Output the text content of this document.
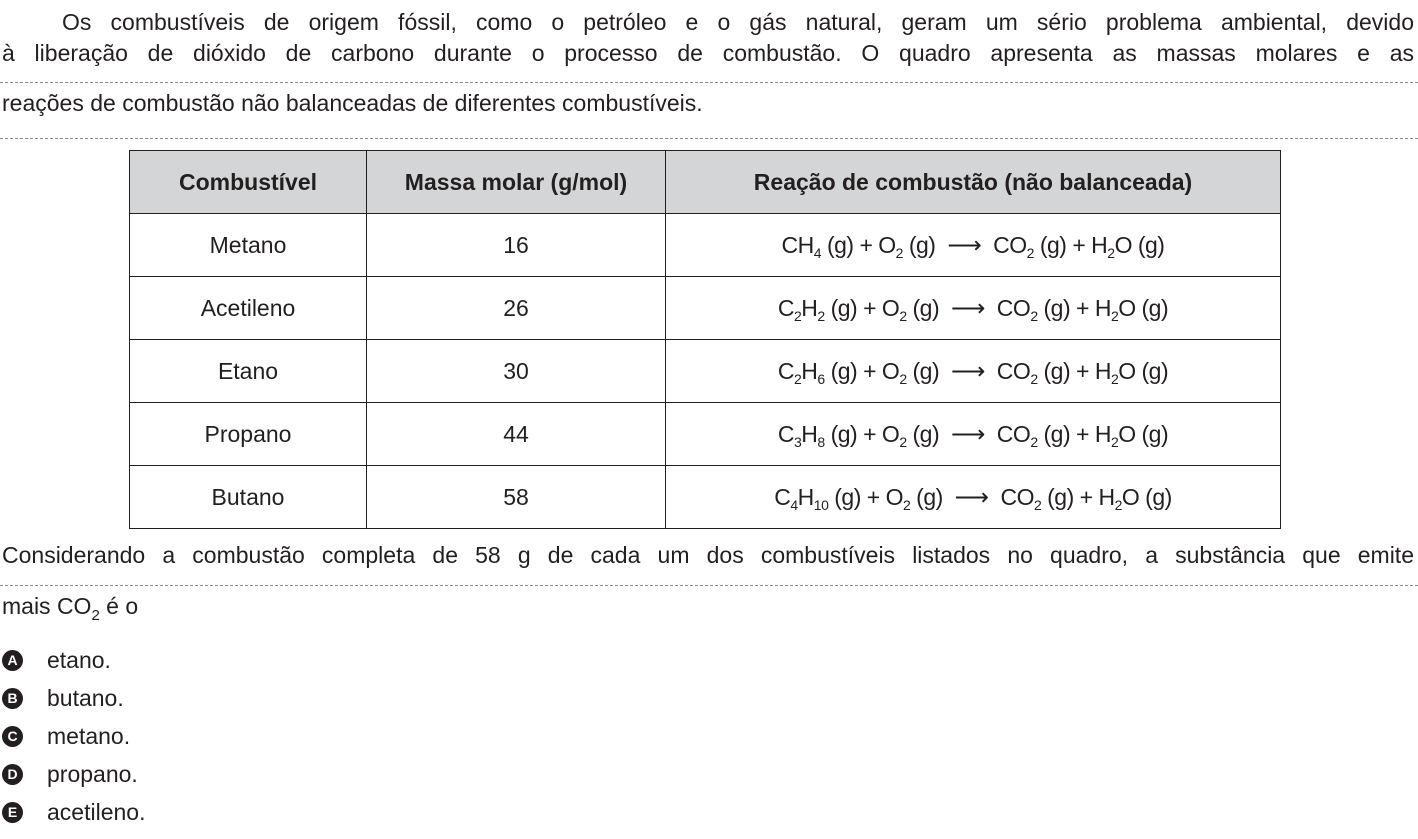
Os combustíveis de origem fóssil, como o petróleo e o gás natural, geram um sério problema ambiental, devido
à liberação de dióxido de carbono durante o processo de combustão. O quadro apresenta as massas molares e as
reações de combustão não balanceadas de diferentes combustíveis.
Combustível	Massa molar (g/mol)	Reação de combustão (não balanceada)
Metano	16	$CH_4$ $(g) + O_2$ (g) ⟶ $CO_2$ $(g) + H_2O$ (g)
Acetileno	26	$C_2H_2$ $(g) + O_2$ (g) ⟶ $CO_2$ $(g) + H_2O$ (g)
Etano	30	$C_2H_6$ $(g) + O_2$ (g) ⟶ $CO_2$ $(g) + H_2O$ (g)
Propano	44	$C_3H_8$ $(g) + O_2$ (g) ⟶ $CO_2$ $(g) + H_2O$ (g)
Butano	58	$C_4H_{10}$ $(g) + O_2$ (g) ⟶ $CO_2$ $(g) + H_2O$ (g)
Considerando a combustão completa de 58 g de cada um dos combustíveis listados no quadro, a substância que emite
mais $CO_2$ é o
A etano.
B butano.
C metano.
D propano.
E acetileno.
